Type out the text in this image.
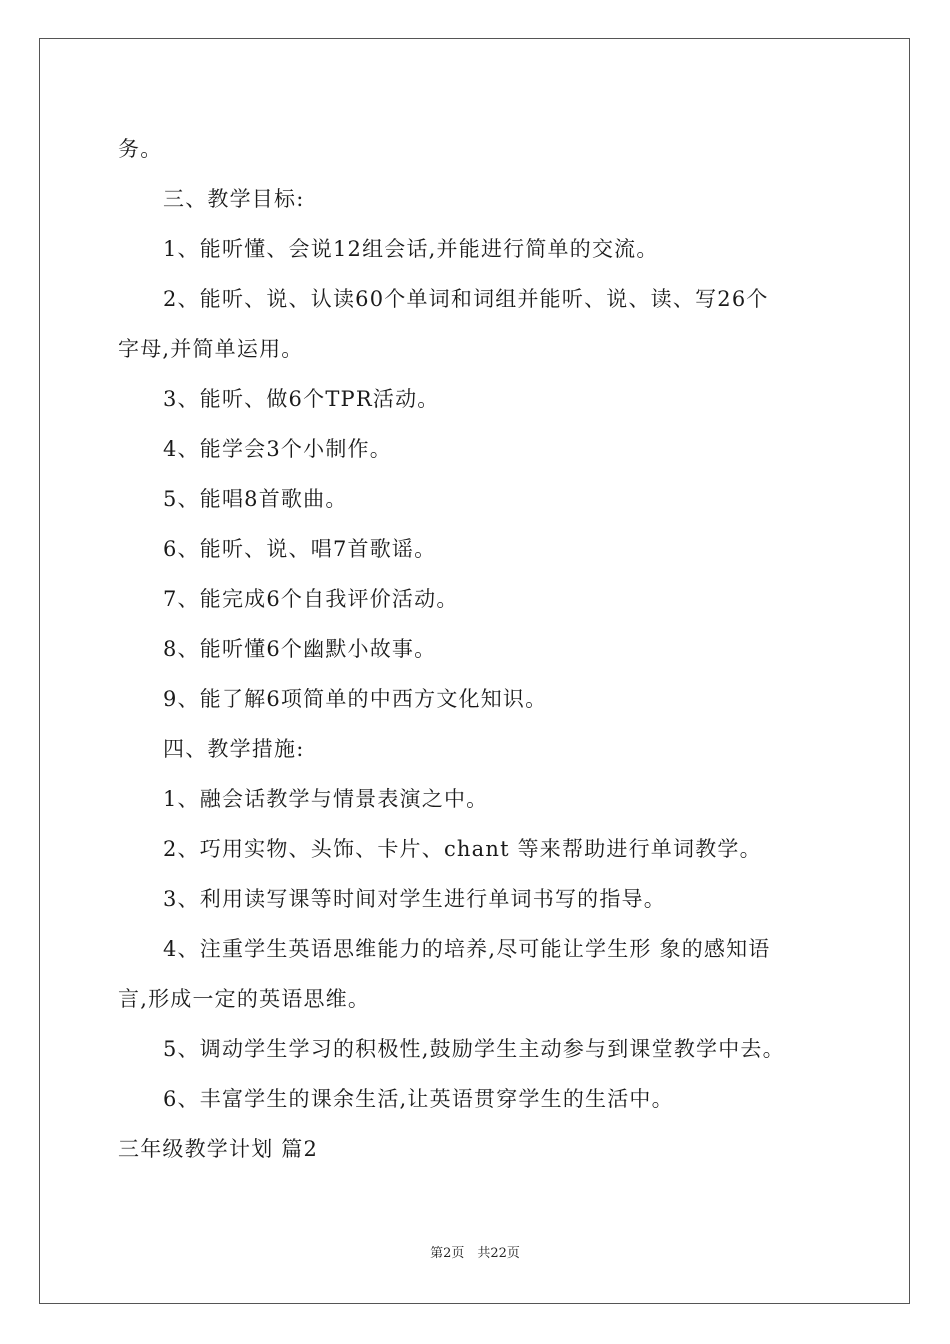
务。
三、教学目标:
1、能听懂、会说12组会话,并能进行简单的交流。
2、能听、说、认读60个单词和词组并能听、说、读、写26个
字母,并简单运用。
3、能听、做6个TPR活动。
4、能学会3个小制作。
5、能唱8首歌曲。
6、能听、说、唱7首歌谣。
7、能完成6个自我评价活动。
8、能听懂6个幽默小故事。
9、能了解6项简单的中西方文化知识。
四、教学措施:
1、融会话教学与情景表演之中。
2、巧用实物、头饰、卡片、chant 等来帮助进行单词教学。
3、利用读写课等时间对学生进行单词书写的指导。
4、注重学生英语思维能力的培养,尽可能让学生形 象的感知语
言,形成一定的英语思维。
5、调动学生学习的积极性,鼓励学生主动参与到课堂教学中去。
6、丰富学生的课余生活,让英语贯穿学生的生活中。
三年级教学计划 篇2
第2页　共22页
